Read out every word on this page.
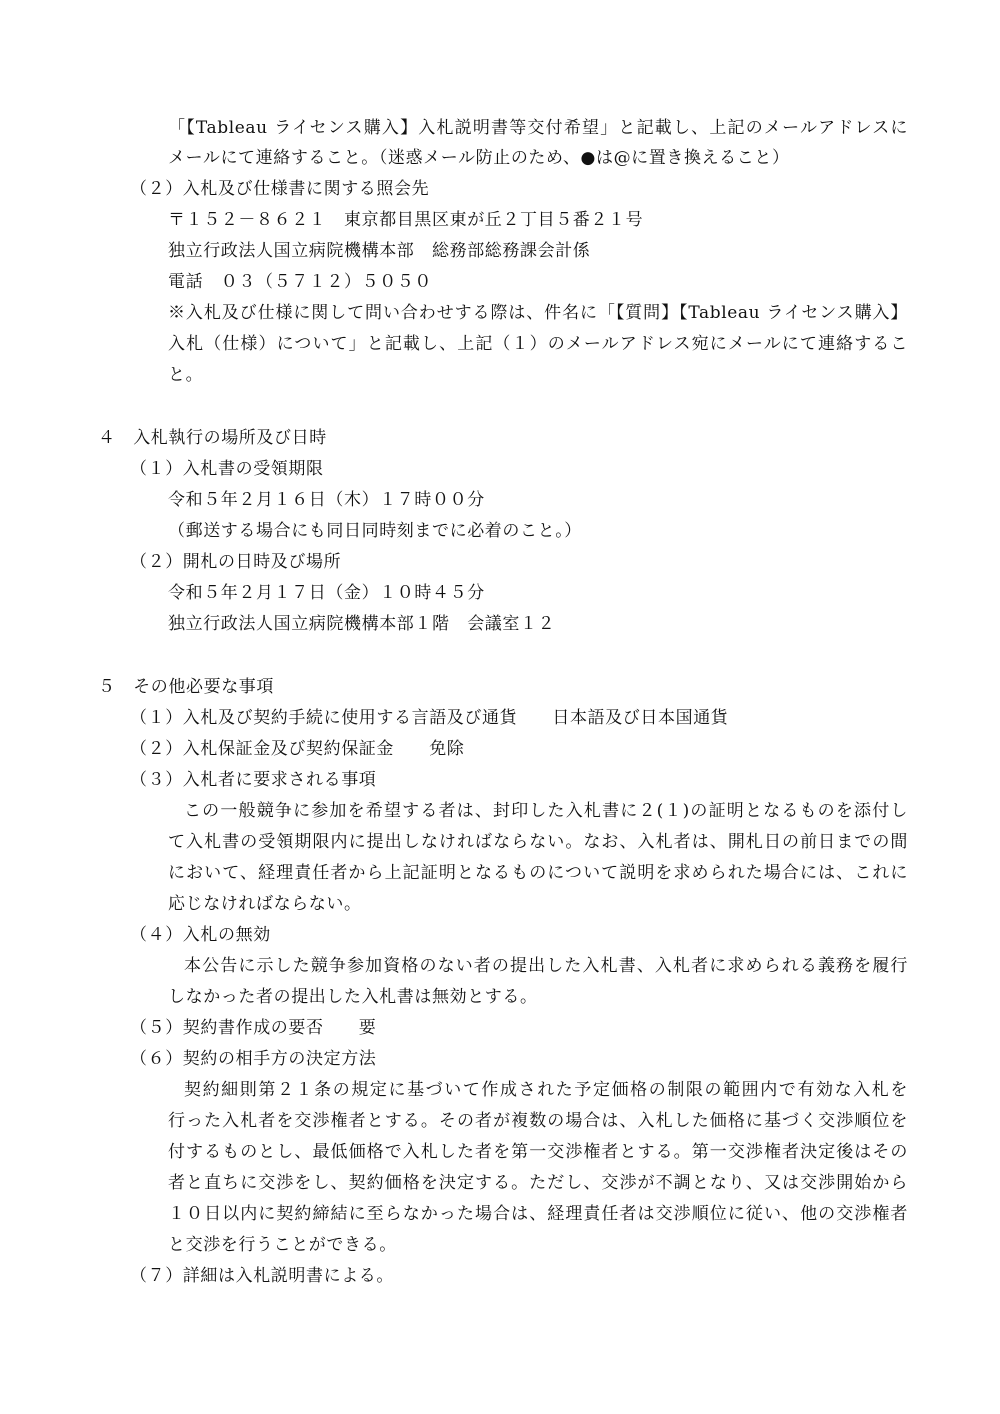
「【Tableau ライセンス購入】入札説明書等交付希望」と記載し、上記のメールアドレスに
メールにて連絡すること。（迷惑メール防止のため、●は@に置き換えること）
（２）入札及び仕様書に関する照会先
〒１５２－８６２１　東京都目黒区東が丘２丁目５番２１号
独立行政法人国立病院機構本部　総務部総務課会計係
電話　０３（５７１２）５０５０
※入札及び仕様に関して問い合わせする際は、件名に「【質問】【Tableau ライセンス購入】
入札（仕様）について」と記載し、上記（１）のメールアドレス宛にメールにて連絡するこ
と。
４　入札執行の場所及び日時
（１）入札書の受領期限
令和５年２月１６日（木）１７時００分
（郵送する場合にも同日同時刻までに必着のこと。）
（２）開札の日時及び場所
令和５年２月１７日（金）１０時４５分
独立行政法人国立病院機構本部１階　会議室１２
５　その他必要な事項
（１）入札及び契約手続に使用する言語及び通貨　　日本語及び日本国通貨
（２）入札保証金及び契約保証金　　免除
（３）入札者に要求される事項
この一般競争に参加を希望する者は、封印した入札書に２(１)の証明となるものを添付し
て入札書の受領期限内に提出しなければならない。なお、入札者は、開札日の前日までの間
において、経理責任者から上記証明となるものについて説明を求められた場合には、これに
応じなければならない。
（４）入札の無効
本公告に示した競争参加資格のない者の提出した入札書、入札者に求められる義務を履行
しなかった者の提出した入札書は無効とする。
（５）契約書作成の要否　　要
（６）契約の相手方の決定方法
契約細則第２１条の規定に基づいて作成された予定価格の制限の範囲内で有効な入札を
行った入札者を交渉権者とする。その者が複数の場合は、入札した価格に基づく交渉順位を
付するものとし、最低価格で入札した者を第一交渉権者とする。第一交渉権者決定後はその
者と直ちに交渉をし、契約価格を決定する。ただし、交渉が不調となり、又は交渉開始から
１０日以内に契約締結に至らなかった場合は、経理責任者は交渉順位に従い、他の交渉権者
と交渉を行うことができる。
（７）詳細は入札説明書による。
